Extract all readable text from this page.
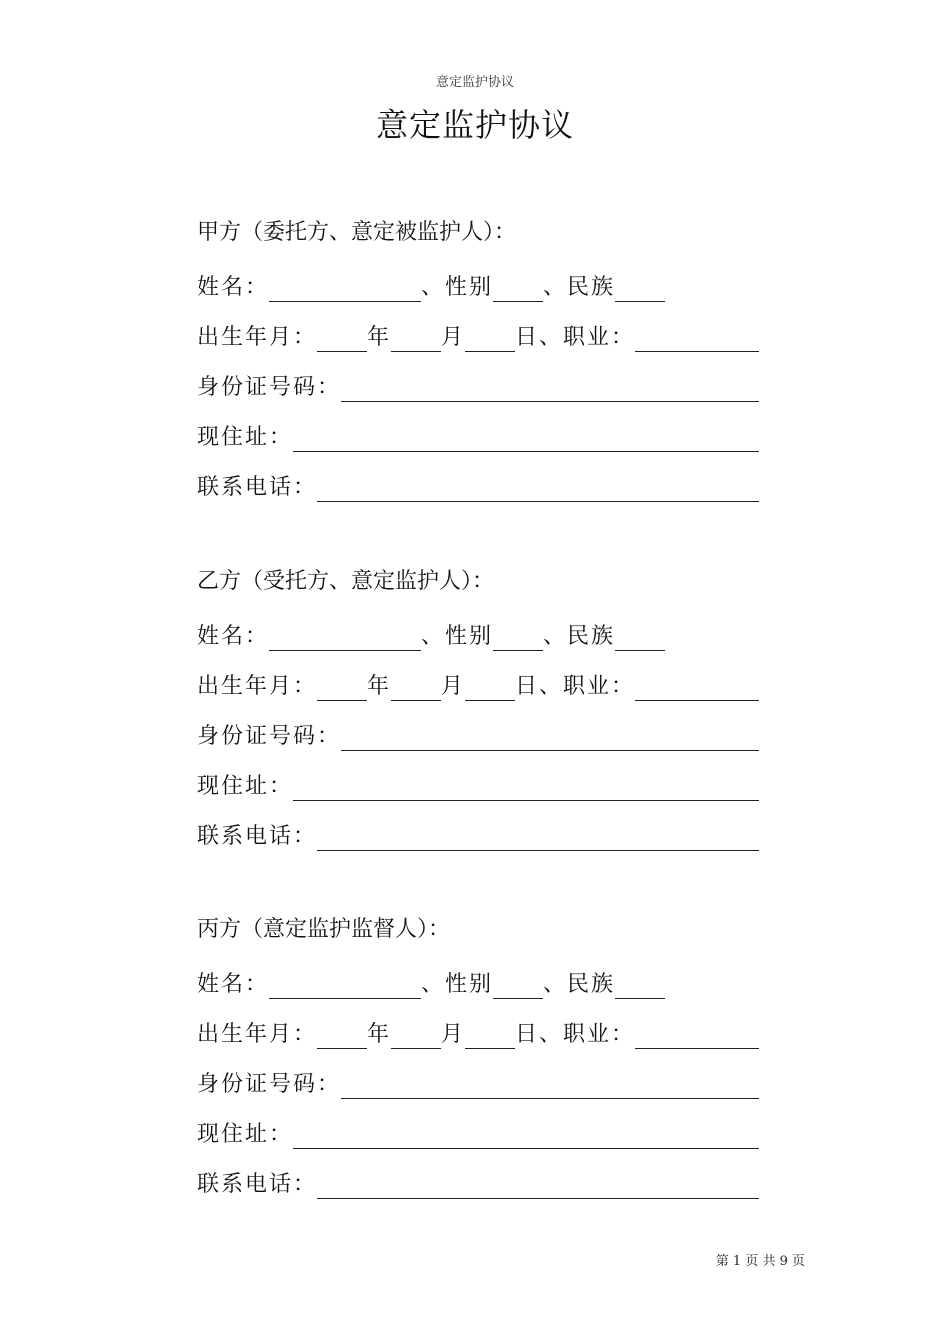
意定监护协议
意定监护协议
甲方（委托方、意定被监护人）：
姓名：	、性别 、民族
出生年月： 年 月 日、职业：
身份证号码：
现住址：
联系电话：
乙方（受托方、意定监护人）：
姓名：	、性别 、民族
出生年月： 年 月 日、职业：
身份证号码：
现住址：
联系电话：
丙方（意定监护监督人）：
姓名：	、性别 、民族
出生年月： 年 月 日、职业：
身份证号码：
现住址：
联系电话：
第 1 页 共 9 页
